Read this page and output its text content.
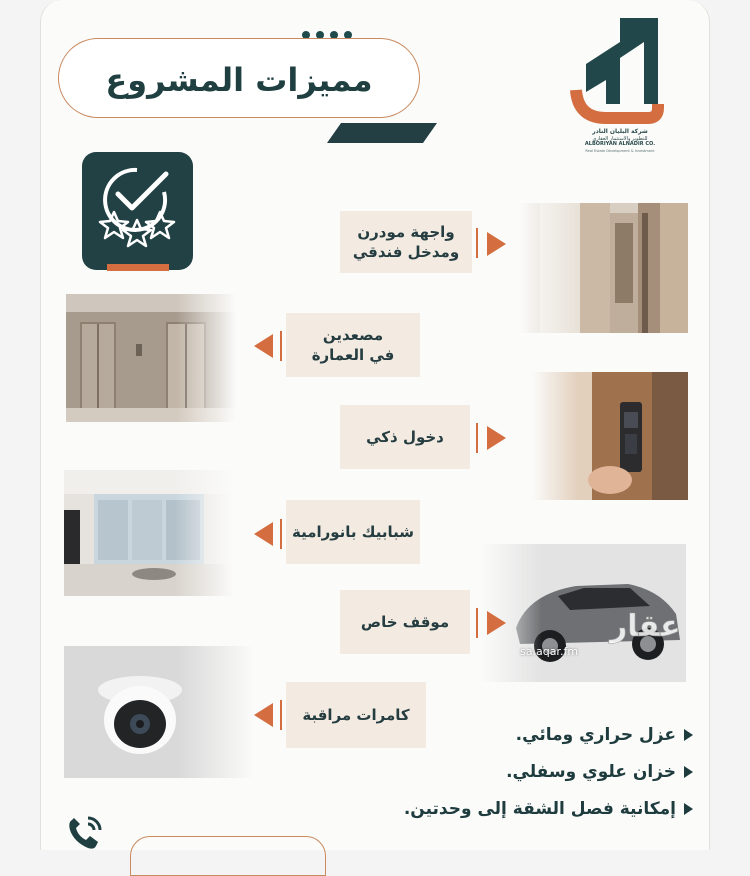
مميزات المشروع
شركة البليان النادر
للتطوير والاستثمار العقاري
ALBORIYAN ALNADIR CO.
Real Estate Development & Investment
واجهة مودرن
ومدخل فندقي
مصعدين
في العمارة
دخول ذكي
شبابيك بانورامية
موقف خاص	عقار
sa.aqar.fm
كامرات مراقبة
عزل حراري ومائي.
خزان علوي وسفلي.
إمكانية فصل الشقة إلى وحدتين.
